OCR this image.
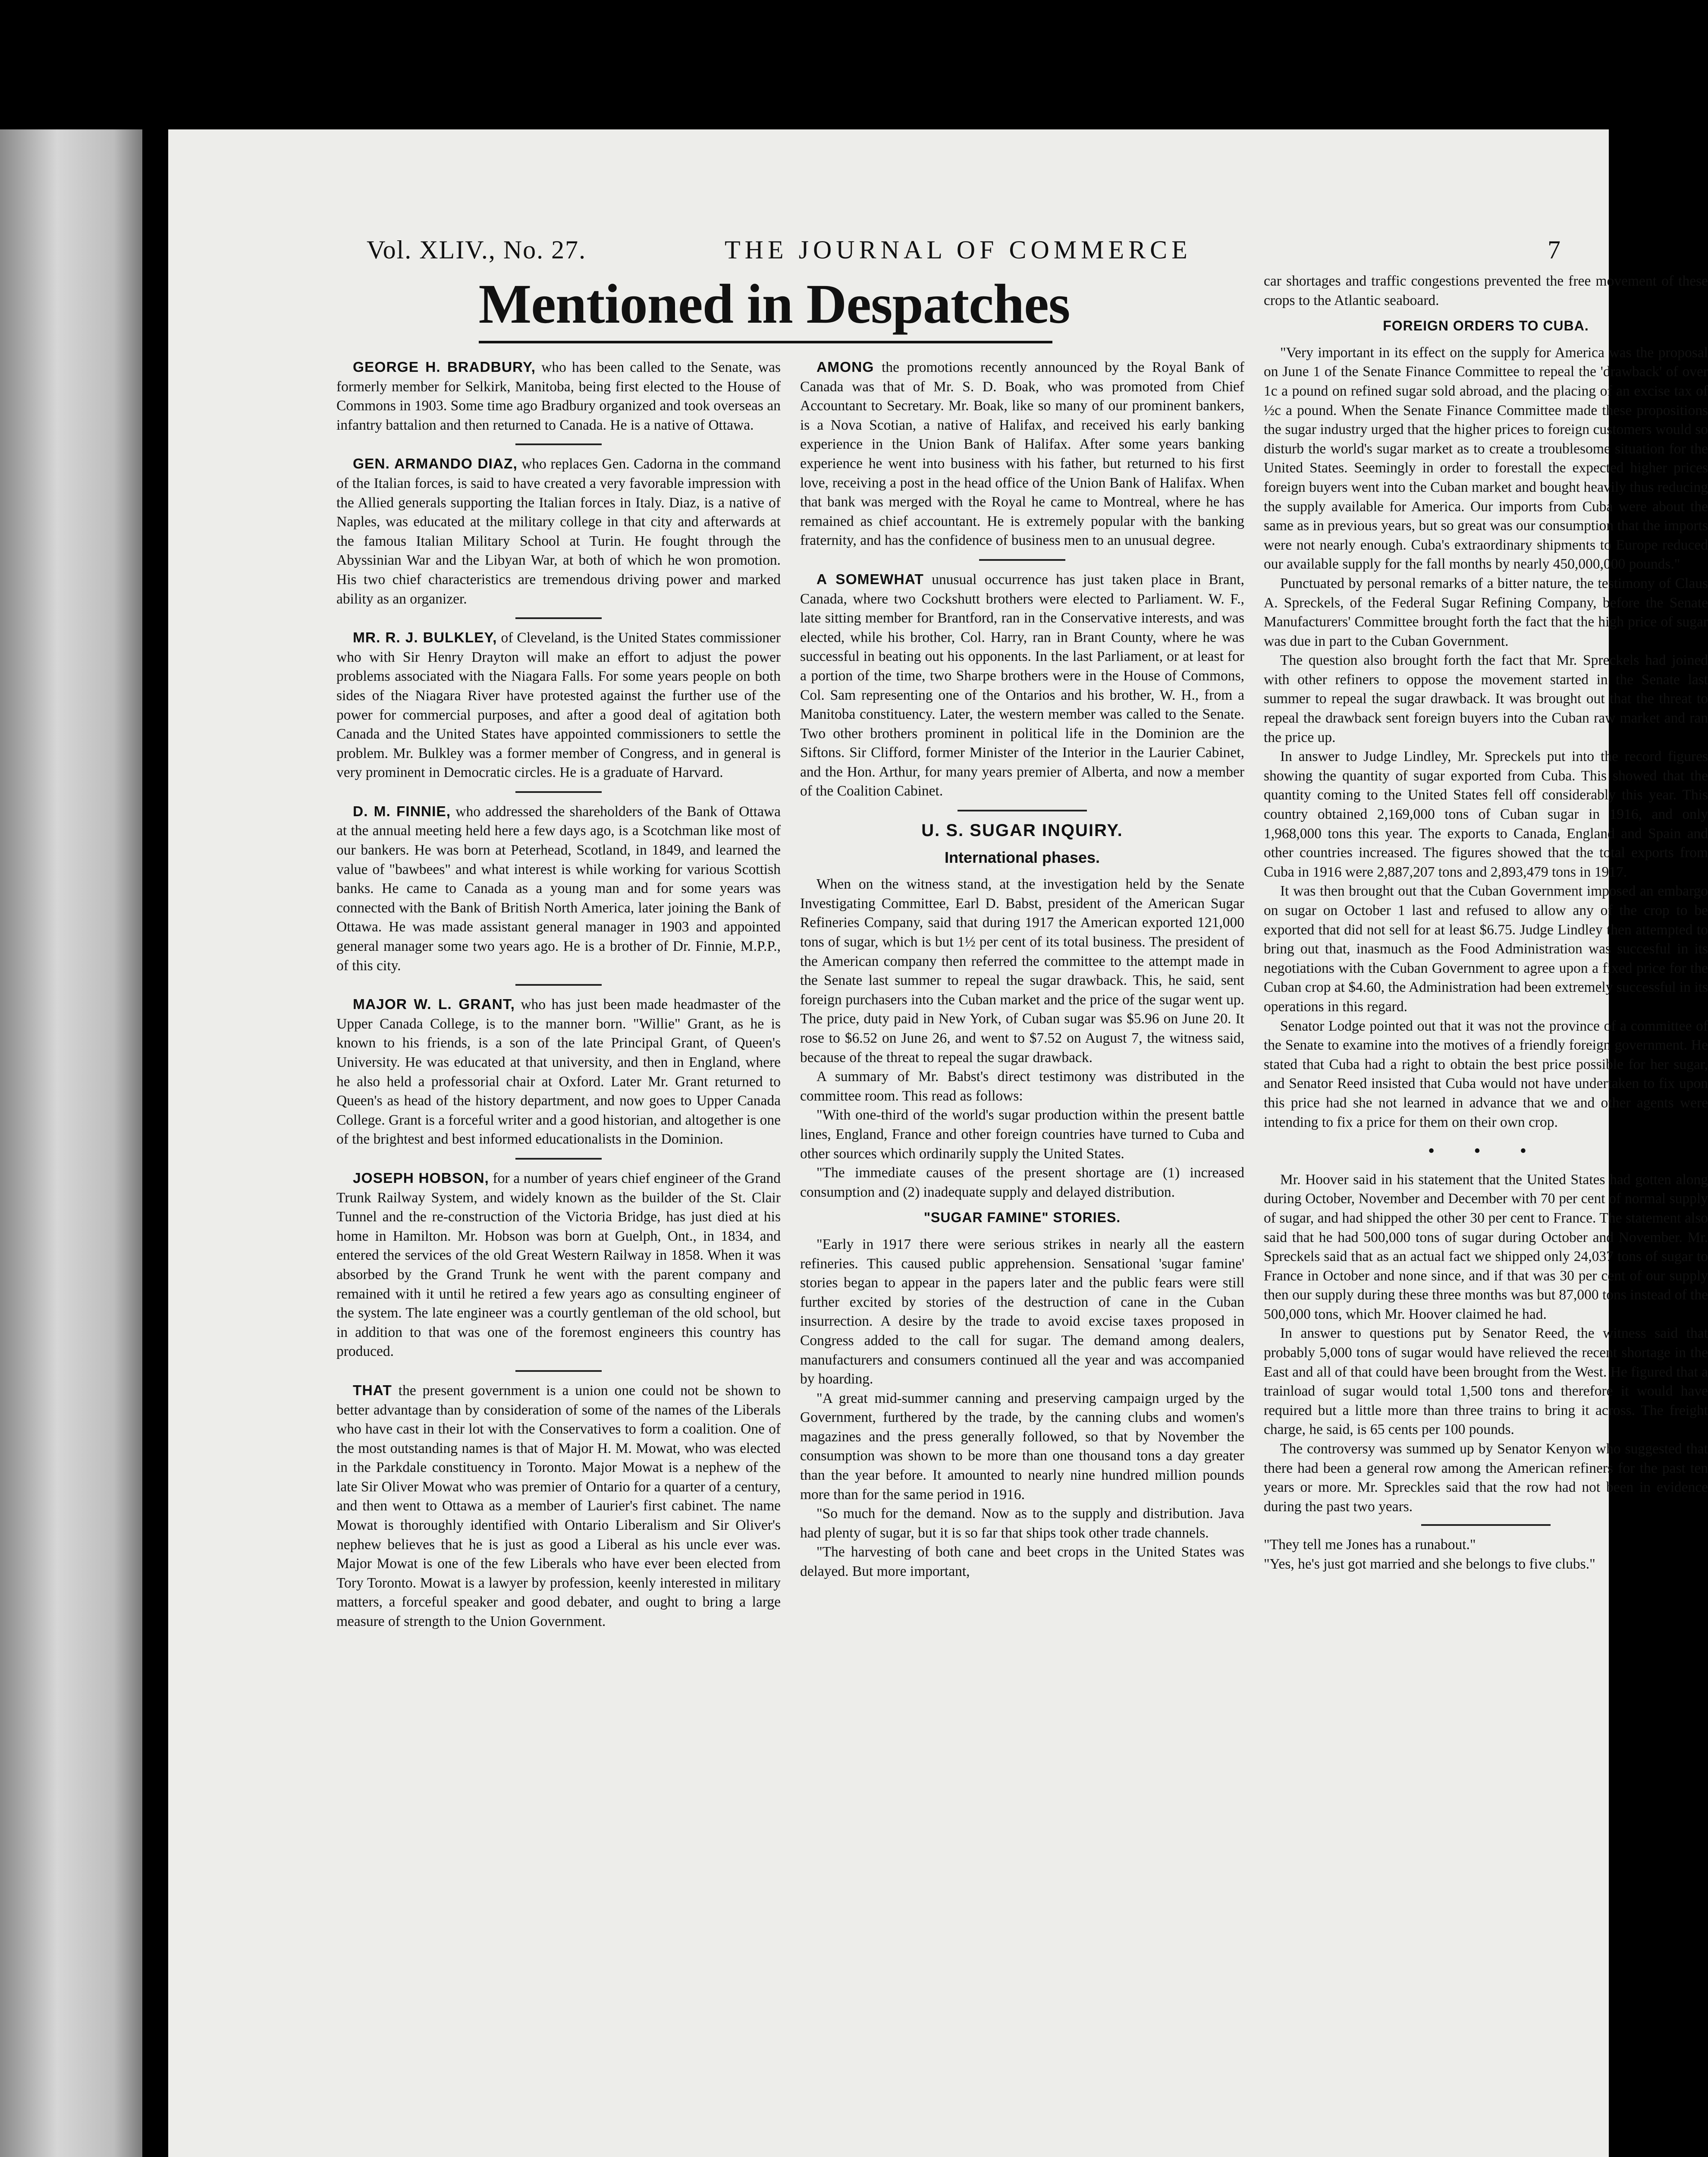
Vol. XLIV., No. 27.	THE JOURNAL OF COMMERCE	7
Mentioned in Despatches

GEORGE H. BRADBURY, who has been called to the Senate, was formerly member for Selkirk, Manitoba, being first elected to the House of Commons in 1903. Some time ago Bradbury organized and took overseas an infantry battalion and then returned to Canada. He is a native of Ottawa.

GEN. ARMANDO DIAZ, who replaces Gen. Cadorna in the command of the Italian forces, is said to have created a very favorable impression with the Allied generals supporting the Italian forces in Italy. Diaz, is a native of Naples, was educated at the military college in that city and afterwards at the famous Italian Military School at Turin. He fought through the Abyssinian War and the Libyan War, at both of which he won promotion. His two chief characteristics are tremendous driving power and marked ability as an organizer.

MR. R. J. BULKLEY, of Cleveland, is the United States commissioner who with Sir Henry Drayton will make an effort to adjust the power problems associated with the Niagara Falls. For some years people on both sides of the Niagara River have protested against the further use of the power for commercial purposes, and after a good deal of agitation both Canada and the United States have appointed commissioners to settle the problem. Mr. Bulkley was a former member of Congress, and in general is very prominent in Democratic circles. He is a graduate of Harvard.

D. M. FINNIE, who addressed the shareholders of the Bank of Ottawa at the annual meeting held here a few days ago, is a Scotchman like most of our bankers. He was born at Peterhead, Scotland, in 1849, and learned the value of "bawbees" and what interest is while working for various Scottish banks. He came to Canada as a young man and for some years was connected with the Bank of British North America, later joining the Bank of Ottawa. He was made assistant general manager in 1903 and appointed general manager some two years ago. He is a brother of Dr. Finnie, M.P.P., of this city.

MAJOR W. L. GRANT, who has just been made headmaster of the Upper Canada College, is to the manner born. "Willie" Grant, as he is known to his friends, is a son of the late Principal Grant, of Queen's University. He was educated at that university, and then in England, where he also held a professorial chair at Oxford. Later Mr. Grant returned to Queen's as head of the history department, and now goes to Upper Canada College. Grant is a forceful writer and a good historian, and altogether is one of the brightest and best informed educationalists in the Dominion.

JOSEPH HOBSON, for a number of years chief engineer of the Grand Trunk Railway System, and widely known as the builder of the St. Clair Tunnel and the re-construction of the Victoria Bridge, has just died at his home in Hamilton. Mr. Hobson was born at Guelph, Ont., in 1834, and entered the services of the old Great Western Railway in 1858. When it was absorbed by the Grand Trunk he went with the parent company and remained with it until he retired a few years ago as consulting engineer of the system. The late engineer was a courtly gentleman of the old school, but in addition to that was one of the foremost engineers this country has produced.

THAT the present government is a union one could not be shown to better advantage than by consideration of some of the names of the Liberals who have cast in their lot with the Conservatives to form a coalition. One of the most outstanding names is that of Major H. M. Mowat, who was elected in the Parkdale constituency in Toronto. Major Mowat is a nephew of the late Sir Oliver Mowat who was premier of Ontario for a quarter of a century, and then went to Ottawa as a member of Laurier's first cabinet. The name Mowat is thoroughly identified with Ontario Liberalism and Sir Oliver's nephew believes that he is just as good a Liberal as his uncle ever was. Major Mowat is one of the few Liberals who have ever been elected from Tory Toronto. Mowat is a lawyer by profession, keenly interested in military matters, a forceful speaker and good debater, and ought to bring a large measure of strength to the Union Government.

AMONG the promotions recently announced by the Royal Bank of Canada was that of Mr. S. D. Boak, who was promoted from Chief Accountant to Secretary. Mr. Boak, like so many of our prominent bankers, is a Nova Scotian, a native of Halifax, and received his early banking experience in the Union Bank of Halifax. After some years banking experience he went into business with his father, but returned to his first love, receiving a post in the head office of the Union Bank of Halifax. When that bank was merged with the Royal he came to Montreal, where he has remained as chief accountant. He is extremely popular with the banking fraternity, and has the confidence of business men to an unusual degree.

A SOMEWHAT unusual occurrence has just taken place in Brant, Canada, where two Cockshutt brothers were elected to Parliament. W. F., late sitting member for Brantford, ran in the Conservative interests, and was elected, while his brother, Col. Harry, ran in Brant County, where he was successful in beating out his opponents. In the last Parliament, or at least for a portion of the time, two Sharpe brothers were in the House of Commons, Col. Sam representing one of the Ontarios and his brother, W. H., from a Manitoba constituency. Later, the western member was called to the Senate. Two other brothers prominent in political life in the Dominion are the Siftons. Sir Clifford, former Minister of the Interior in the Laurier Cabinet, and the Hon. Arthur, for many years premier of Alberta, and now a member of the Coalition Cabinet.

U. S. SUGAR INQUIRY.
International phases.

When on the witness stand, at the investigation held by the Senate Investigating Committee, Earl D. Babst, president of the American Sugar Refineries Company, said that during 1917 the American exported 121,000 tons of sugar, which is but 1½ per cent of its total business. The president of the American company then referred the committee to the attempt made in the Senate last summer to repeal the sugar drawback. This, he said, sent foreign purchasers into the Cuban market and the price of the sugar went up. The price, duty paid in New York, of Cuban sugar was $5.96 on June 20. It rose to $6.52 on June 26, and went to $7.52 on August 7, the witness said, because of the threat to repeal the sugar drawback.

A summary of Mr. Babst's direct testimony was distributed in the committee room. This read as follows:

"With one-third of the world's sugar production within the present battle lines, England, France and other foreign countries have turned to Cuba and other sources which ordinarily supply the United States.

"The immediate causes of the present shortage are (1) increased consumption and (2) inadequate supply and delayed distribution.

"SUGAR FAMINE" STORIES.

"Early in 1917 there were serious strikes in nearly all the eastern refineries. This caused public apprehension. Sensational 'sugar famine' stories began to appear in the papers later and the public fears were still further excited by stories of the destruction of cane in the Cuban insurrection. A desire by the trade to avoid excise taxes proposed in Congress added to the call for sugar. The demand among dealers, manufacturers and consumers continued all the year and was accompanied by hoarding.

"A great mid-summer canning and preserving campaign urged by the Government, furthered by the trade, by the canning clubs and women's magazines and the press generally followed, so that by November the consumption was shown to be more than one thousand tons a day greater than the year before. It amounted to nearly nine hundred million pounds more than for the same period in 1916.

"So much for the demand. Now as to the supply and distribution. Java had plenty of sugar, but it is so far that ships took other trade channels.

"The harvesting of both cane and beet crops in the United States was delayed. But more important,

car shortages and traffic congestions prevented the free movement of these crops to the Atlantic seaboard.

FOREIGN ORDERS TO CUBA.

"Very important in its effect on the supply for America was the proposal on June 1 of the Senate Finance Committee to repeal the 'drawback' of over 1c a pound on refined sugar sold abroad, and the placing of an excise tax of ½c a pound. When the Senate Finance Committee made these propositions the sugar industry urged that the higher prices to foreign customers would so disturb the world's sugar market as to create a troublesome situation for the United States. Seemingly in order to forestall the expected higher prices foreign buyers went into the Cuban market and bought heavily thus reducing the supply available for America. Our imports from Cuba were about the same as in previous years, but so great was our consumption that the imports were not nearly enough. Cuba's extraordinary shipments to Europe reduced our available supply for the fall months by nearly 450,000,000 pounds."

Punctuated by personal remarks of a bitter nature, the testimony of Claus A. Spreckels, of the Federal Sugar Refining Company, before the Senate Manufacturers' Committee brought forth the fact that the high price of sugar was due in part to the Cuban Government.

The question also brought forth the fact that Mr. Spreckels had joined with other refiners to oppose the movement started in the Senate last summer to repeal the sugar drawback. It was brought out that the threat to repeal the drawback sent foreign buyers into the Cuban raw market and ran the price up.

In answer to Judge Lindley, Mr. Spreckels put into the record figures showing the quantity of sugar exported from Cuba. This showed that the quantity coming to the United States fell off considerably this year. This country obtained 2,169,000 tons of Cuban sugar in 1916, and only 1,968,000 tons this year. The exports to Canada, England and Spain and other countries increased. The figures showed that the total exports from Cuba in 1916 were 2,887,207 tons and 2,893,479 tons in 1917.

It was then brought out that the Cuban Government imposed an embargo on sugar on October 1 last and refused to allow any of the crop to be exported that did not sell for at least $6.75. Judge Lindley then attempted to bring out that, inasmuch as the Food Administration was succesful in its negotiations with the Cuban Government to agree upon a fixed price for the Cuban crop at $4.60, the Administration had been extremely successful in its operations in this regard.

Senator Lodge pointed out that it was not the province of a committee of the Senate to examine into the motives of a friendly foreign government. He stated that Cuba had a right to obtain the best price possible for her sugar, and Senator Reed insisted that Cuba would not have undertaken to fix upon this price had she not learned in advance that we and other agents were intending to fix a price for them on their own crop.

• • •

Mr. Hoover said in his statement that the United States had gotten along during October, November and December with 70 per cent of normal supply of sugar, and had shipped the other 30 per cent to France. The statement also said that he had 500,000 tons of sugar during October and November. Mr. Spreckels said that as an actual fact we shipped only 24,037 tons of sugar to France in October and none since, and if that was 30 per cent of our supply then our supply during these three months was but 87,000 tons instead of the 500,000 tons, which Mr. Hoover claimed he had.

In answer to questions put by Senator Reed, the witness said that probably 5,000 tons of sugar would have relieved the recent shortage in the East and all of that could have been brought from the West. He figured that a trainload of sugar would total 1,500 tons and therefore it would have required but a little more than three trains to bring it across. The freight charge, he said, is 65 cents per 100 pounds.

The controversy was summed up by Senator Kenyon who suggested that there had been a general row among the American refiners for the past ten years or more. Mr. Spreckles said that the row had not been in evidence during the past two years.

"They tell me Jones has a runabout."

"Yes, he's just got married and she belongs to five clubs."
